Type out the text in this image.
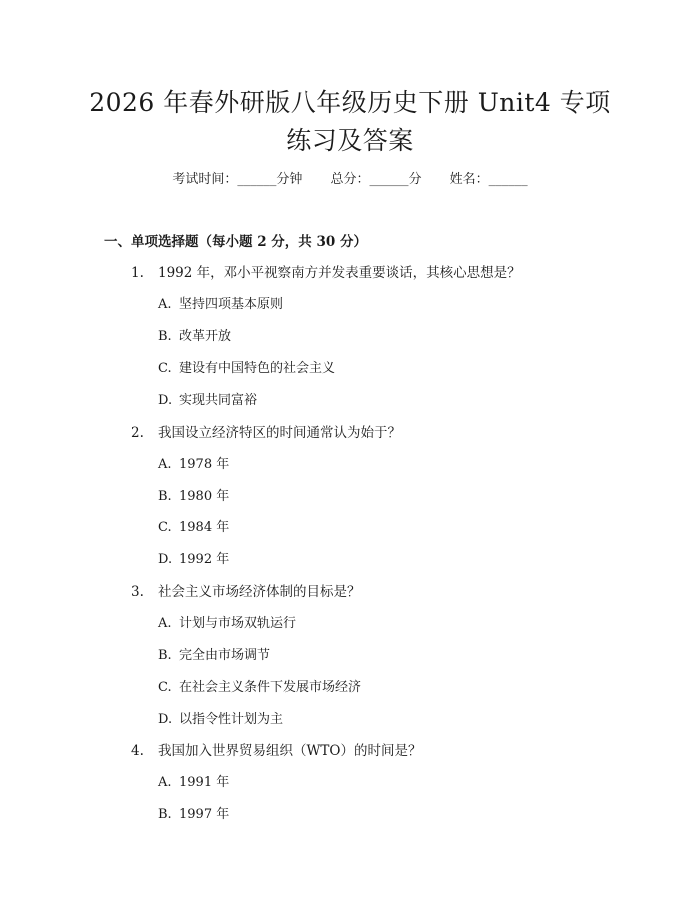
2026 年春外研版八年级历史下册 Unit4 专项
练习及答案
考试时间：______分钟 总分：______分 姓名：______
一、单项选择题（每小题 2 分，共 30 分）
1. 1992 年，邓小平视察南方并发表重要谈话，其核心思想是？
A. 坚持四项基本原则
B. 改革开放
C. 建设有中国特色的社会主义
D. 实现共同富裕
2. 我国设立经济特区的时间通常认为始于？
A. 1978 年
B. 1980 年
C. 1984 年
D. 1992 年
3. 社会主义市场经济体制的目标是？
A. 计划与市场双轨运行
B. 完全由市场调节
C. 在社会主义条件下发展市场经济
D. 以指令性计划为主
4. 我国加入世界贸易组织（WTO）的时间是？
A. 1991 年
B. 1997 年
